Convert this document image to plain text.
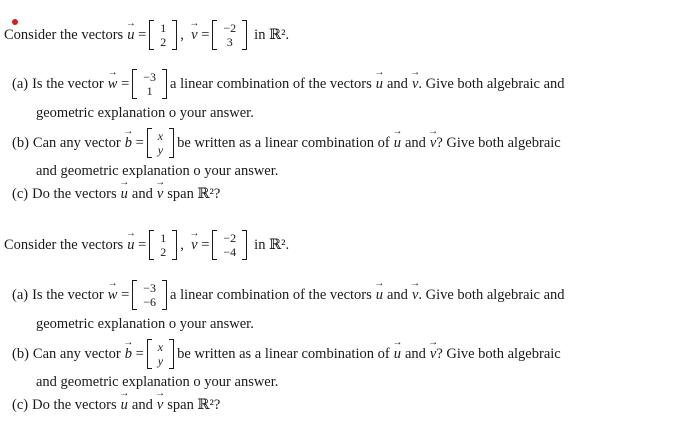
Consider the vectors → u = 1
2 , → v = −2
3 in ℝ².
(a) Is the vector → w = −3
1 a linear combination of the vectors → u and → v . Give both algebraic and
geometric explanation o your answer.
(b) Can any vector → b = x
y be written as a linear combination of → u and → v ? Give both algebraic
and geometric explanation o your answer.
(c) Do the vectors → u and → v span ℝ²?
Consider the vectors → u = 1
2 , → v = −2
−4 in ℝ².
(a) Is the vector → w = −3
−6 a linear combination of the vectors → u and → v . Give both algebraic and
geometric explanation o your answer.
(b) Can any vector → b = x
y be written as a linear combination of → u and → v ? Give both algebraic
and geometric explanation o your answer.
(c) Do the vectors → u and → v span ℝ²?
